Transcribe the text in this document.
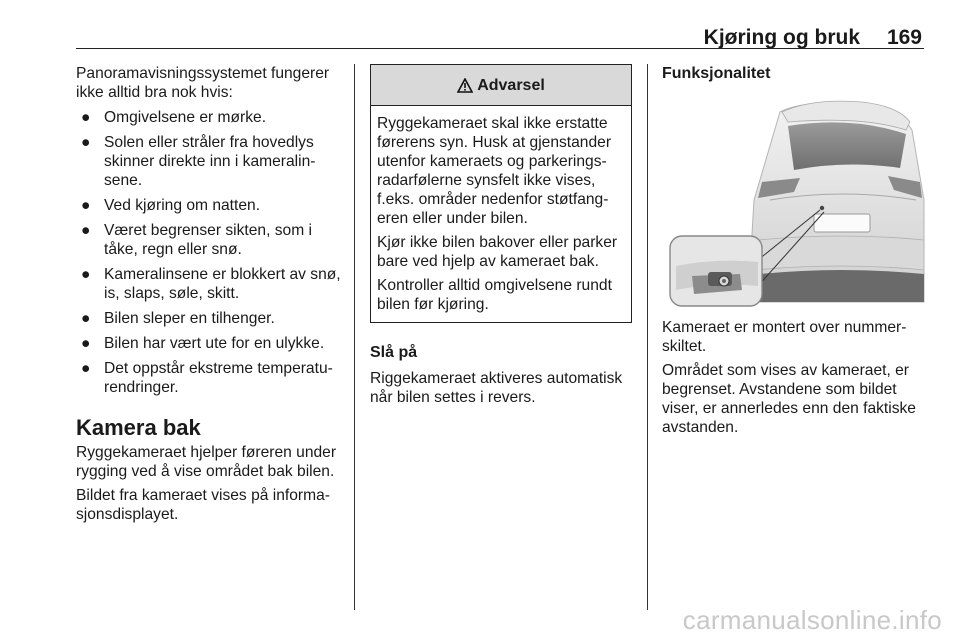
Kjøring og bruk 169

Panoramavisningssystemet fungerer ikke alltid bra nok hvis:

● Omgivelsene er mørke.
● Solen eller stråler fra hovedlys skinner direkte inn i kameralinsene.
● Ved kjøring om natten.
● Været begrenser sikten, som i tåke, regn eller snø.
● Kameralinsene er blokkert av snø, is, slaps, søle, skitt.
● Bilen sleper en tilhenger.
● Bilen har vært ute for en ulykke.
● Det oppstår ekstreme temperaturendringer.
Kamera bak

Ryggekameraet hjelper føreren under rygging ved å vise området bak bilen.

Bildet fra kameraet vises på informasjonsdisplayet.

Advarsel

Ryggekameraet skal ikke erstatte førerens syn. Husk at gjenstander utenfor kameraets og parkeringsradarfølerne synsfelt ikke vises, f.eks. områder nedenfor støtfangeren eller under bilen.

Kjør ikke bilen bakover eller parker bare ved hjelp av kameraet bak.

Kontroller alltid omgivelsene rundt bilen før kjøring.

Slå på

Riggekameraet aktiveres automatisk når bilen settes i revers.

Funksjonalitet

Kameraet er montert over nummerskiltet.

Området som vises av kameraet, er begrenset. Avstandene som bildet viser, er annerledes enn den faktiske avstanden.

carmanualsonline.info
